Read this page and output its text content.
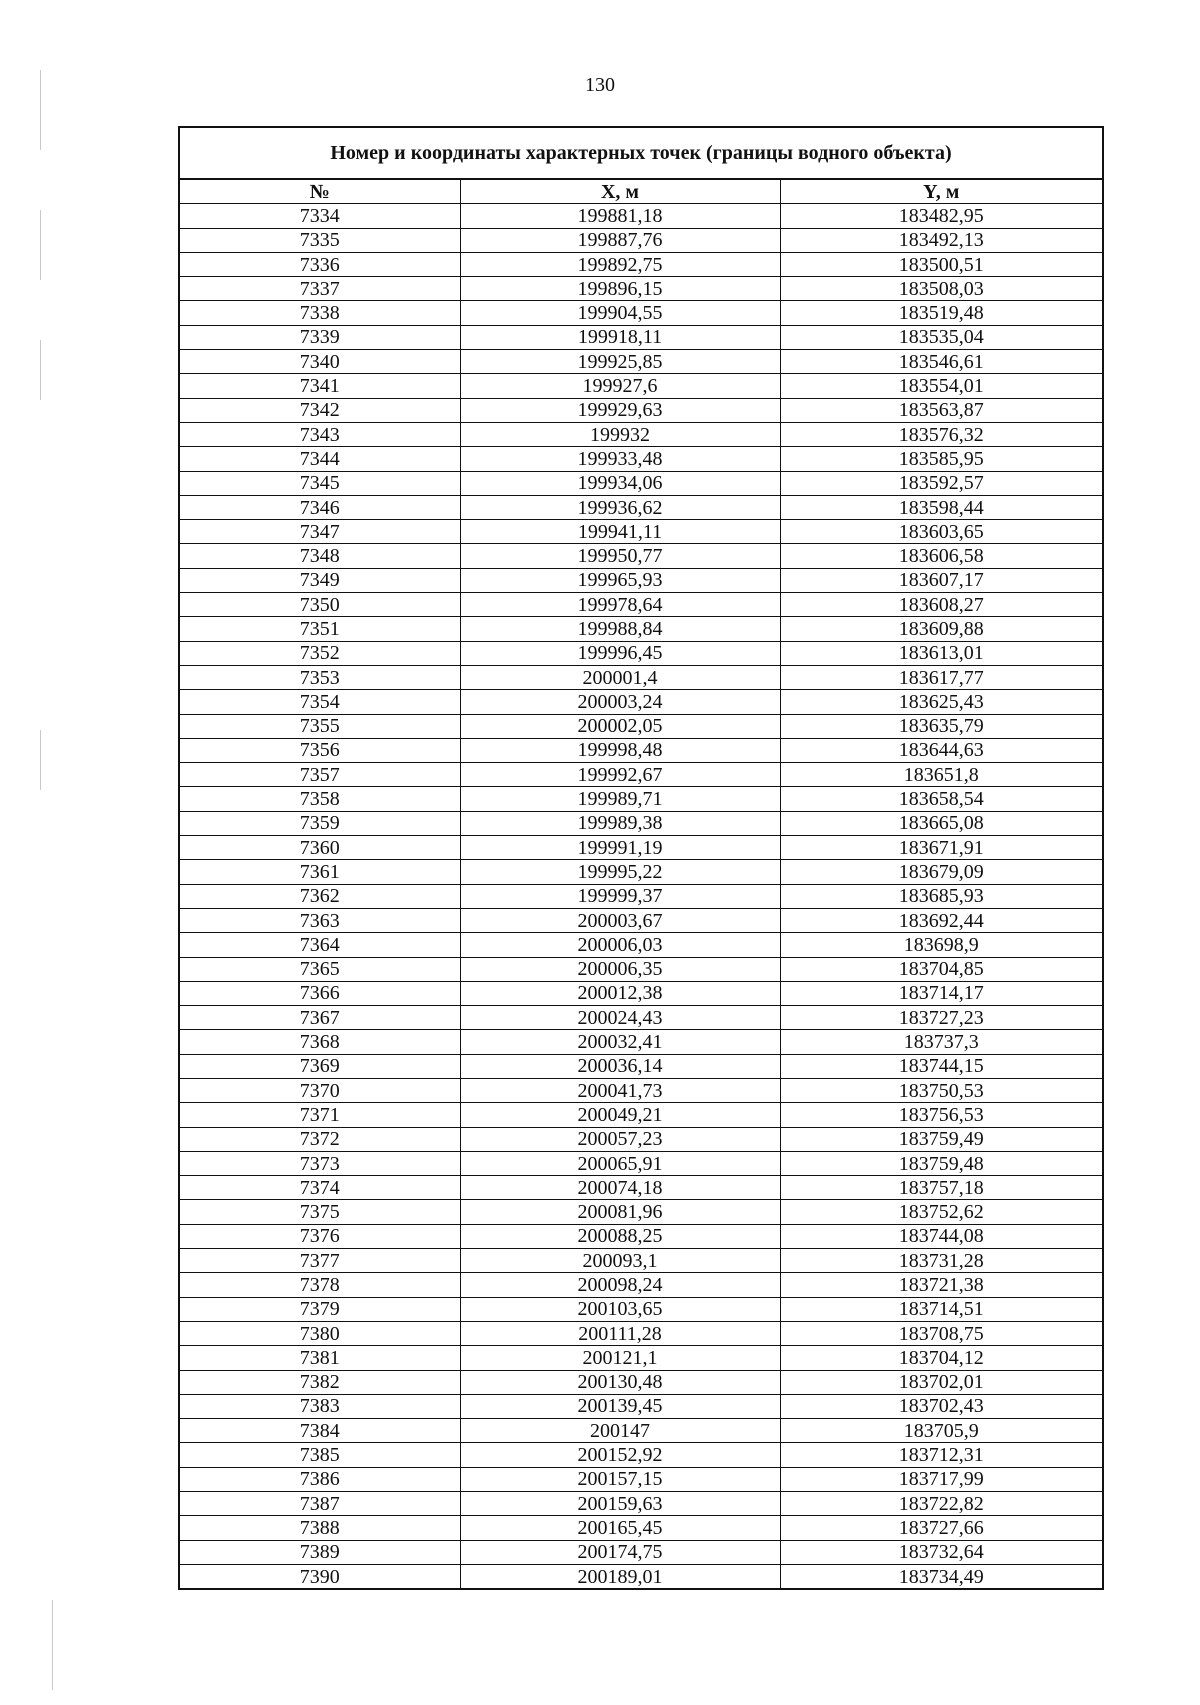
130
Номер и координаты характерных точек (границы водного объекта)
№	X, м	Y, м
7334	199881,18	183482,95
7335	199887,76	183492,13
7336	199892,75	183500,51
7337	199896,15	183508,03
7338	199904,55	183519,48
7339	199918,11	183535,04
7340	199925,85	183546,61
7341	199927,6	183554,01
7342	199929,63	183563,87
7343	199932	183576,32
7344	199933,48	183585,95
7345	199934,06	183592,57
7346	199936,62	183598,44
7347	199941,11	183603,65
7348	199950,77	183606,58
7349	199965,93	183607,17
7350	199978,64	183608,27
7351	199988,84	183609,88
7352	199996,45	183613,01
7353	200001,4	183617,77
7354	200003,24	183625,43
7355	200002,05	183635,79
7356	199998,48	183644,63
7357	199992,67	183651,8
7358	199989,71	183658,54
7359	199989,38	183665,08
7360	199991,19	183671,91
7361	199995,22	183679,09
7362	199999,37	183685,93
7363	200003,67	183692,44
7364	200006,03	183698,9
7365	200006,35	183704,85
7366	200012,38	183714,17
7367	200024,43	183727,23
7368	200032,41	183737,3
7369	200036,14	183744,15
7370	200041,73	183750,53
7371	200049,21	183756,53
7372	200057,23	183759,49
7373	200065,91	183759,48
7374	200074,18	183757,18
7375	200081,96	183752,62
7376	200088,25	183744,08
7377	200093,1	183731,28
7378	200098,24	183721,38
7379	200103,65	183714,51
7380	200111,28	183708,75
7381	200121,1	183704,12
7382	200130,48	183702,01
7383	200139,45	183702,43
7384	200147	183705,9
7385	200152,92	183712,31
7386	200157,15	183717,99
7387	200159,63	183722,82
7388	200165,45	183727,66
7389	200174,75	183732,64
7390	200189,01	183734,49
